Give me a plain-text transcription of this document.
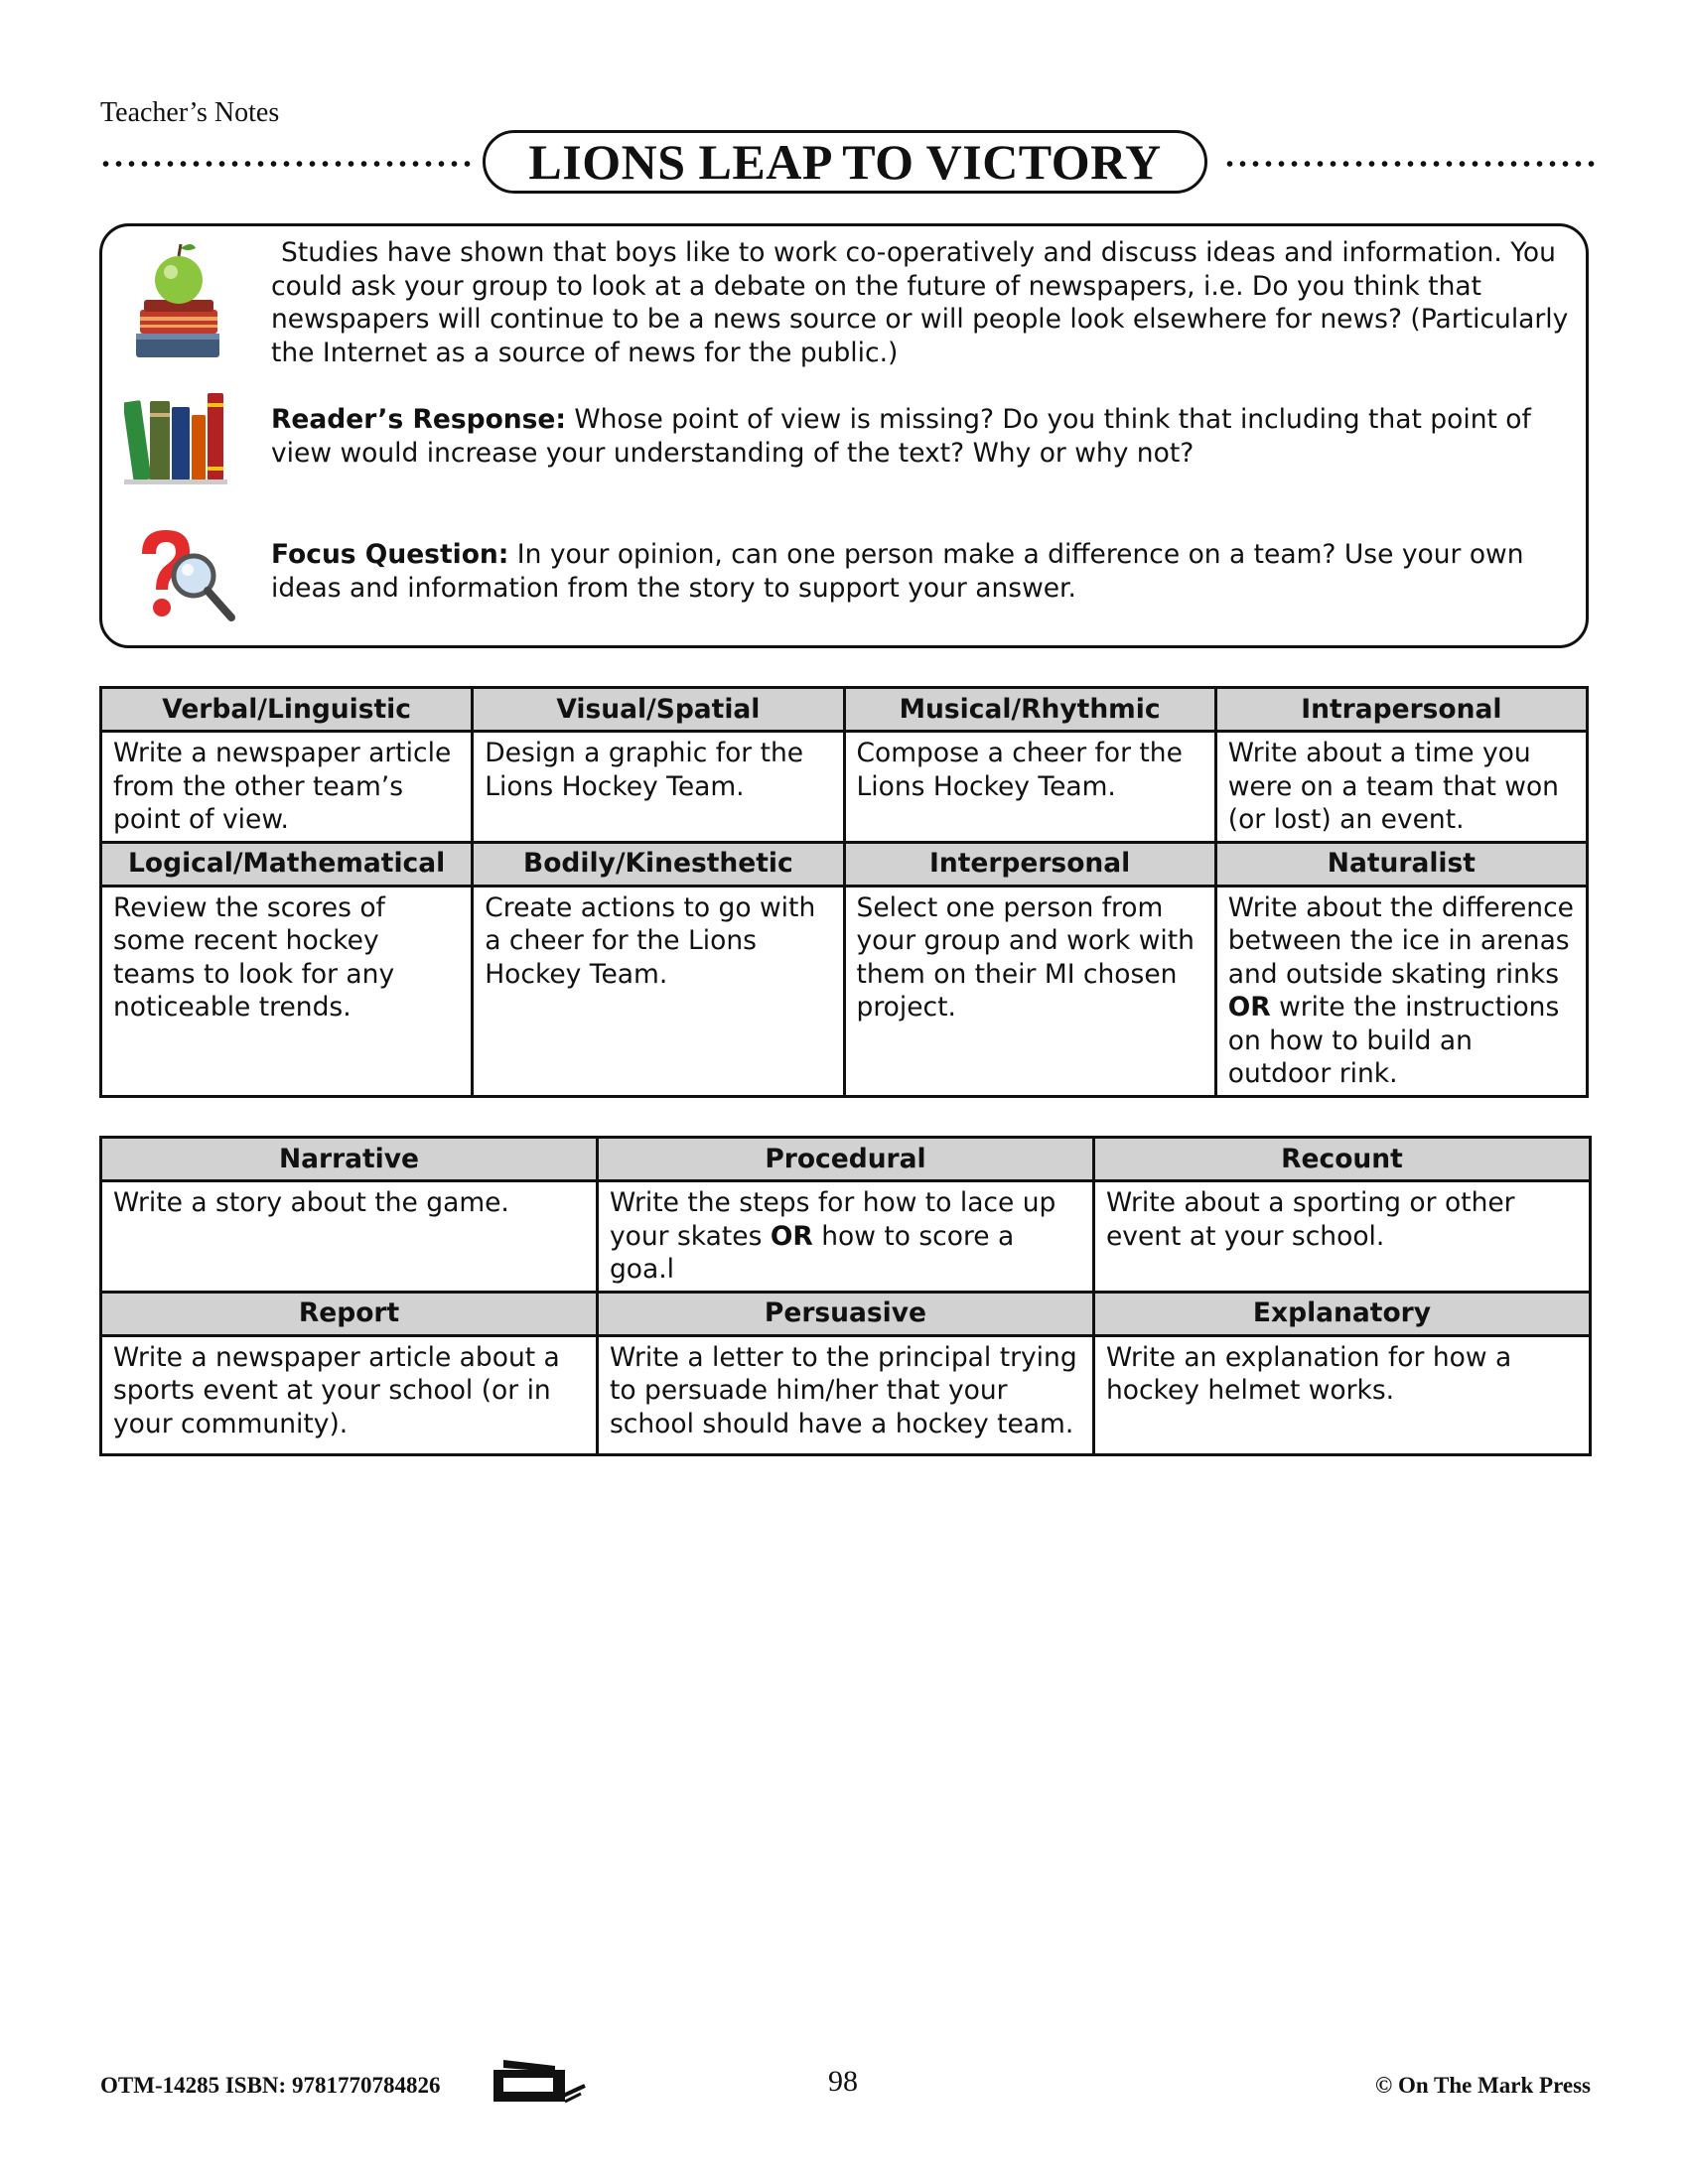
Teacher’s Notes
LIONS LEAP TO VICTORY

Studies have shown that boys like to work co-operatively and discuss ideas and information. You could ask your group to look at a debate on the future of newspapers, i.e. Do you think that newspapers will continue to be a news source or will people look elsewhere for news? (Particularly the Internet as a source of news for the public.)

Reader’s Response: Whose point of view is missing? Do you think that including that point of view would increase your understanding of the text? Why or why not?

Focus Question: In your opinion, can one person make a difference on a team? Use your own ideas and information from the story to support your answer.

Verbal/Linguistic	Visual/Spatial	Musical/Rhythmic	Intrapersonal
Write a newspaper article from the other team’s point of view.	Design a graphic for the Lions Hockey Team.	Compose a cheer for the Lions Hockey Team.	Write about a time you were on a team that won (or lost) an event.
Logical/Mathematical	Bodily/Kinesthetic	Interpersonal	Naturalist
Review the scores of some recent hockey teams to look for any noticeable trends.	Create actions to go with a cheer for the Lions Hockey Team.	Select one person from your group and work with them on their MI chosen project.	Write about the difference between the ice in arenas and outside skating rinks OR write the instructions on how to build an outdoor rink.
Narrative	Procedural	Recount
Write a story about the game.	Write the steps for how to lace up your skates OR how to score a goa.l	Write about a sporting or other event at your school.
Report	Persuasive	Explanatory
Write a newspaper article about a sports event at your school (or in your community).	Write a letter to the principal trying to persuade him/her that your school should have a hockey team.	Write an explanation for how a hockey helmet works.
OTM-14285 ISBN: 9781770784826	98	© On The Mark Press
